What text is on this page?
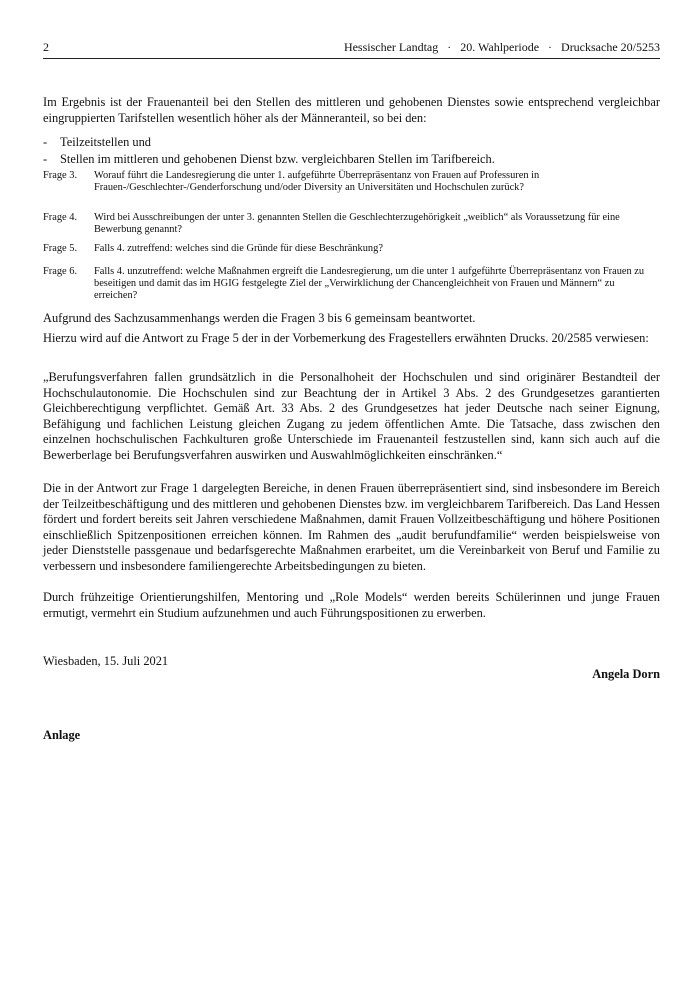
2	Hessischer Landtag   ·   20. Wahlperiode   ·   Drucksache 20/5253
Im Ergebnis ist der Frauenanteil bei den Stellen des mittleren und gehobenen Dienstes sowie entsprechend vergleichbar eingruppierten Tarifstellen wesentlich höher als der Männeranteil, so bei den:
- Teilzeitstellen und
- Stellen im mittleren und gehobenen Dienst bzw. vergleichbaren Stellen im Tarifbereich.
Frage 3.	Worauf führt die Landesregierung die unter 1. aufgeführte Überrepräsentanz von Frauen auf Professuren in Frauen-/Geschlechter-/Genderforschung und/oder Diversity an Universitäten und Hochschulen zurück?
Frage 4.	Wird bei Ausschreibungen der unter 3. genannten Stellen die Geschlechterzugehörigkeit „weiblich“ als Voraussetzung für eine Bewerbung genannt?
Frage 5.	Falls 4. zutreffend: welches sind die Gründe für diese Beschränkung?
Frage 6.	Falls 4. unzutreffend: welche Maßnahmen ergreift die Landesregierung, um die unter 1 aufgeführte Überrepräsentanz von Frauen zu beseitigen und damit das im HGIG festgelegte Ziel der „Verwirklichung der Chancengleichheit von Frauen und Männern“ zu erreichen?
Aufgrund des Sachzusammenhangs werden die Fragen 3 bis 6 gemeinsam beantwortet.
Hierzu wird auf die Antwort zu Frage 5 der in der Vorbemerkung des Fragestellers erwähnten Drucks. 20/2585 verwiesen:
„Berufungsverfahren fallen grundsätzlich in die Personalhoheit der Hochschulen und sind originärer Bestandteil der Hochschulautonomie. Die Hochschulen sind zur Beachtung der in Artikel 3 Abs. 2 des Grundgesetzes garantierten Gleichberechtigung verpflichtet. Gemäß Art. 33 Abs. 2 des Grundgesetzes hat jeder Deutsche nach seiner Eignung, Befähigung und fachlichen Leistung gleichen Zugang zu jedem öffentlichen Amte. Die Tatsache, dass zwischen den einzelnen hochschulischen Fachkulturen große Unterschiede im Frauenanteil festzustellen sind, kann sich auch auf die Bewerberlage bei Berufungsverfahren auswirken und Auswahlmöglichkeiten einschränken.“
Die in der Antwort zur Frage 1 dargelegten Bereiche, in denen Frauen überrepräsentiert sind, sind insbesondere im Bereich der Teilzeitbeschäftigung und des mittleren und gehobenen Dienstes bzw. im vergleichbarem Tarifbereich. Das Land Hessen fördert und fordert bereits seit Jahren verschiedene Maßnahmen, damit Frauen Vollzeitbeschäftigung und höhere Positionen einschließlich Spitzenpositionen erreichen können. Im Rahmen des „audit berufundfamilie“ werden beispielsweise von jeder Dienststelle passgenaue und bedarfsgerechte Maßnahmen erarbeitet, um die Vereinbarkeit von Beruf und Familie zu verbessern und insbesondere familiengerechte Arbeitsbedingungen zu bieten.
Durch frühzeitige Orientierungshilfen, Mentoring und „Role Models“ werden bereits Schülerinnen und junge Frauen ermutigt, vermehrt ein Studium aufzunehmen und auch Führungspositionen zu erwerben.
Wiesbaden, 15. Juli 2021
Angela Dorn
Anlage
